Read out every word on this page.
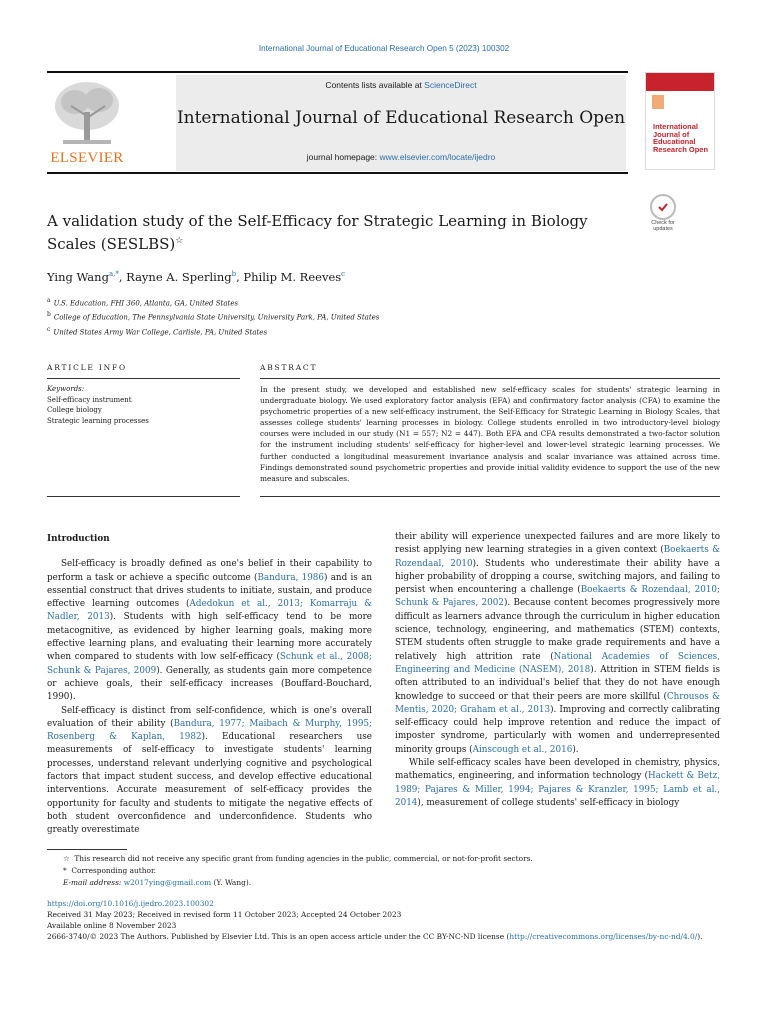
International Journal of Educational Research Open 5 (2023) 100302
ELSEVIER
Contents lists available at ScienceDirect
International Journal of Educational Research Open
journal homepage: www.elsevier.com/locate/ijedro
International Journal of Educational Research Open
Check for
updates
A validation study of the Self-Efficacy for Strategic Learning in Biology Scales (SESLBS)☆
Ying Wang$^{a,*}$, Rayne A. Sperling$^b$, Philip M. Reeves$^c$
$^a$ U.S. Education, FHI 360, Atlanta, GA, United States
$^b$ College of Education, The Pennsylvania State University, University Park, PA, United States
$^c$ United States Army War College, Carlisle, PA, United States
ARTICLE INFO	ABSTRACT
Keywords:
Self-efficacy instrument
College biology
Strategic learning processes
In the present study, we developed and established new self-efficacy scales for students' strategic learning in undergraduate biology. We used exploratory factor analysis (EFA) and confirmatory factor analysis (CFA) to examine the psychometric properties of a new self-efficacy instrument, the Self-Efficacy for Strategic Learning in Biology Scales, that assesses college students' learning processes in biology. College students enrolled in two introductory-level biology courses were included in our study (N1 = 557; N2 = 447). Both EFA and CFA results demonstrated a two-factor solution for the instrument including students' self-efficacy for higher-level and lower-level strategic learning processes. We further conducted a longitudinal measurement invariance analysis and scalar invariance was attained across time. Findings demonstrated sound psychometric properties and provide initial validity evidence to support the use of the new measure and subscales.
Introduction

Self-efficacy is broadly defined as one's belief in their capability to perform a task or achieve a specific outcome (Bandura, 1986) and is an essential construct that drives students to initiate, sustain, and produce effective learning outcomes (Adedokun et al., 2013; Komarraju & Nadler, 2013). Students with high self-efficacy tend to be more metacognitive, as evidenced by higher learning goals, making more effective learning plans, and evaluating their learning more accurately when compared to students with low self-efficacy (Schunk et al., 2008; Schunk & Pajares, 2009). Generally, as students gain more competence or achieve goals, their self-efficacy increases (Bouffard-Bouchard, 1990).

Self-efficacy is distinct from self-confidence, which is one's overall evaluation of their ability (Bandura, 1977; Maibach & Murphy, 1995; Rosenberg & Kaplan, 1982). Educational researchers use measurements of self-efficacy to investigate students' learning processes, understand relevant underlying cognitive and psychological factors that impact student success, and develop effective educational interventions. Accurate measurement of self-efficacy provides the opportunity for faculty and students to mitigate the negative effects of both student overconfidence and underconfidence. Students who greatly overestimate

their ability will experience unexpected failures and are more likely to resist applying new learning strategies in a given context (Boekaerts & Rozendaal, 2010). Students who underestimate their ability have a higher probability of dropping a course, switching majors, and failing to persist when encountering a challenge (Boekaerts & Rozendaal, 2010; Schunk & Pajares, 2002). Because content becomes progressively more difficult as learners advance through the curriculum in higher education science, technology, engineering, and mathematics (STEM) contexts, STEM students often struggle to make grade requirements and have a relatively high attrition rate (National Academies of Sciences, Engineering and Medicine (NASEM), 2018). Attrition in STEM fields is often attributed to an individual's belief that they do not have enough knowledge to succeed or that their peers are more skillful (Chrousos & Mentis, 2020; Graham et al., 2013). Improving and correctly calibrating self-efficacy could help improve retention and reduce the impact of imposter syndrome, particularly with women and underrepresented minority groups (Ainscough et al., 2016).

While self-efficacy scales have been developed in chemistry, physics, mathematics, engineering, and information technology (Hackett & Betz, 1989; Pajares & Miller, 1994; Pajares & Kranzler, 1995; Lamb et al., 2014), measurement of college students' self-efficacy in biology

☆  This research did not receive any specific grant from funding agencies in the public, commercial, or not-for-profit sectors.
*  Corresponding author.
E-mail address: w2017ying@gmail.com (Y. Wang).
https://doi.org/10.1016/j.ijedro.2023.100302
Received 31 May 2023; Received in revised form 11 October 2023; Accepted 24 October 2023
Available online 8 November 2023
2666-3740/© 2023 The Authors. Published by Elsevier Ltd. This is an open access article under the CC BY-NC-ND license (http://creativecommons.org/licenses/by-nc-nd/4.0/).
